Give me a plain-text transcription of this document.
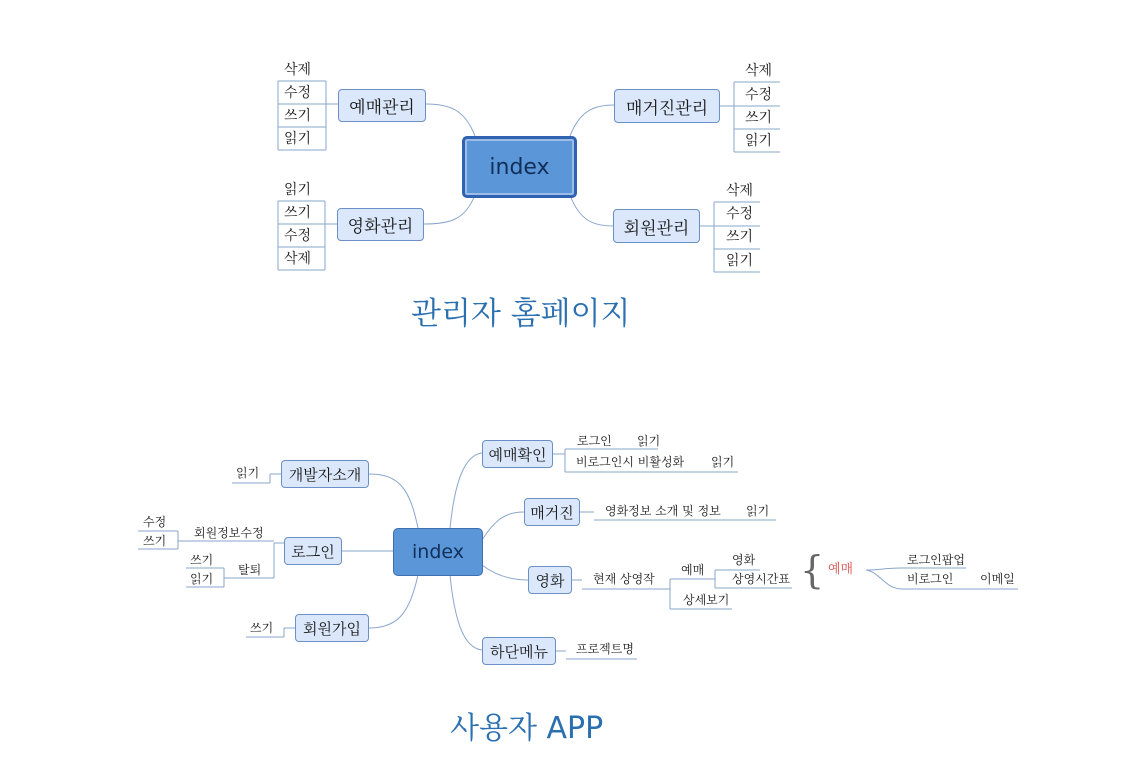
index
예매관리
삭제
수정
쓰기
읽기
영화관리
읽기
쓰기
수정
삭제
매거진관리
삭제
수정
쓰기
읽기
회원관리
삭제
수정
쓰기
읽기
관리자 홈페이지
index
개발자소개
읽기
로그인
회원정보수정
수정
쓰기
탈퇴
쓰기
읽기
회원가입
쓰기
예매확인
로그인 읽기
비로그인시 비활성화 읽기
매거진	영화정보 소개 및 정보 읽기
영화	현재 상영작
예매
영화
상영시간표
상세보기
{ 예매
로그인팝업
비로그인 이메일
하단메뉴	프로젝트명
사용자 APP
